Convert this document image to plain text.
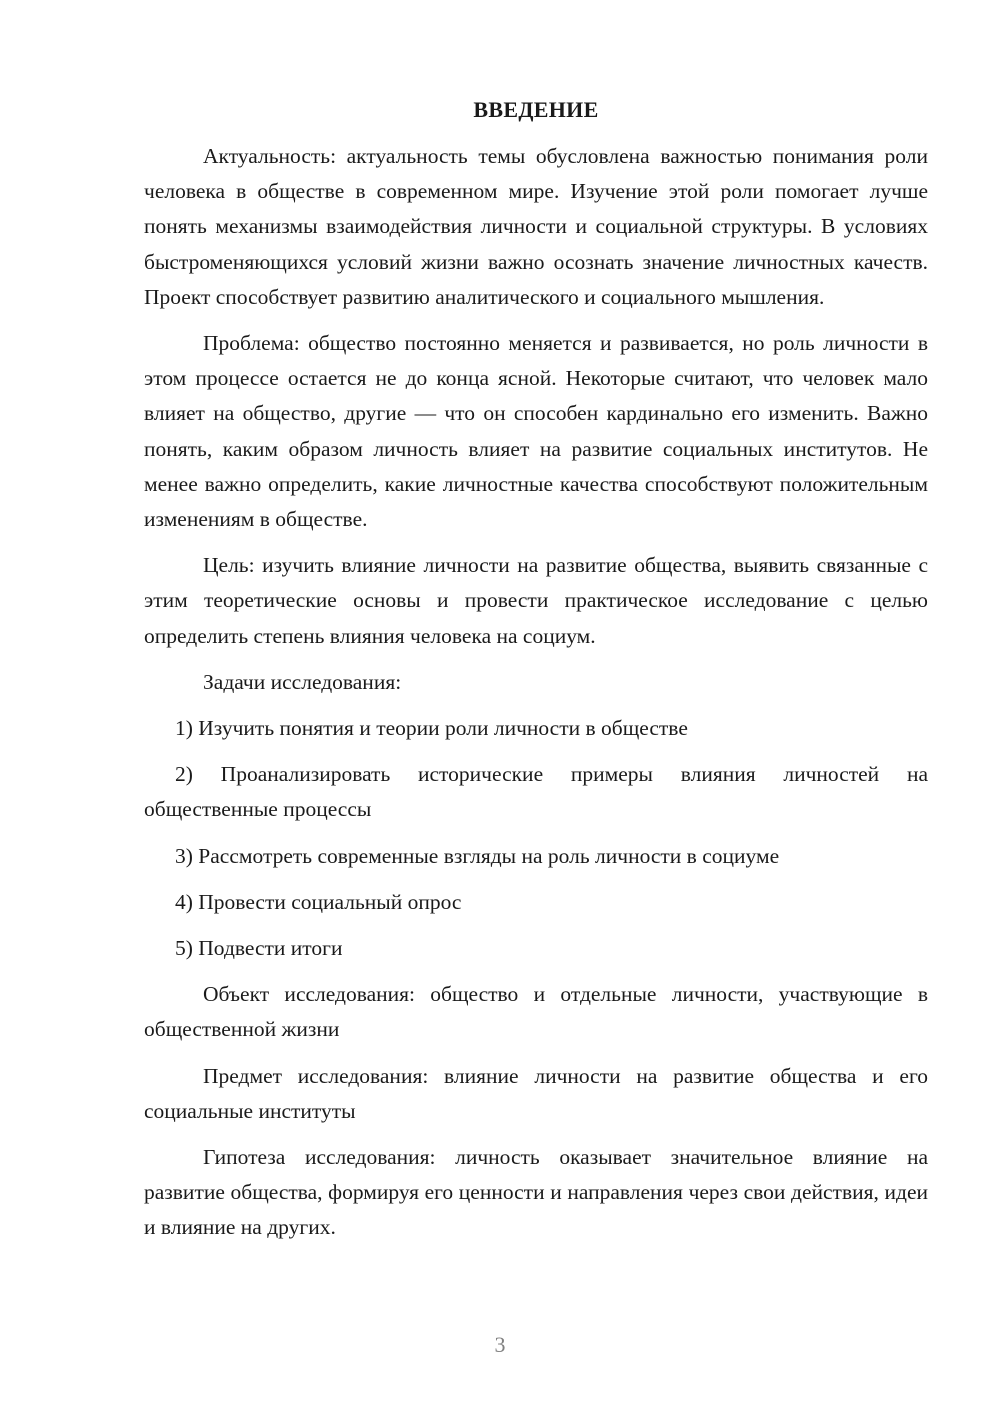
ВВЕДЕНИЕ

Актуальность: актуальность темы обусловлена важностью понимания роли человека в обществе в современном мире. Изучение этой роли помогает лучше понять механизмы взаимодействия личности и социальной структуры. В условиях быстроменяющихся условий жизни важно осознать значение личностных качеств. Проект способствует развитию аналитического и социального мышления.

Проблема: общество постоянно меняется и развивается, но роль личности в этом процессе остается не до конца ясной. Некоторые считают, что человек мало влияет на общество, другие — что он способен кардинально его изменить. Важно понять, каким образом личность влияет на развитие социальных институтов. Не менее важно определить, какие личностные качества способствуют положительным изменениям в обществе.

Цель: изучить влияние личности на развитие общества, выявить связанные с этим теоретические основы и провести практическое исследование с целью определить степень влияния человека на социум.

Задачи исследования:

1) Изучить понятия и теории роли личности в обществе

2) Проанализировать исторические примеры влияния личностей на общественные процессы

3) Рассмотреть современные взгляды на роль личности в социуме

4) Провести социальный опрос

5) Подвести итоги

Объект исследования: общество и отдельные личности, участвующие в общественной жизни

Предмет исследования: влияние личности на развитие общества и его социальные институты

Гипотеза исследования: личность оказывает значительное влияние на развитие общества, формируя его ценности и направления через свои действия, идеи и влияние на других.

3
